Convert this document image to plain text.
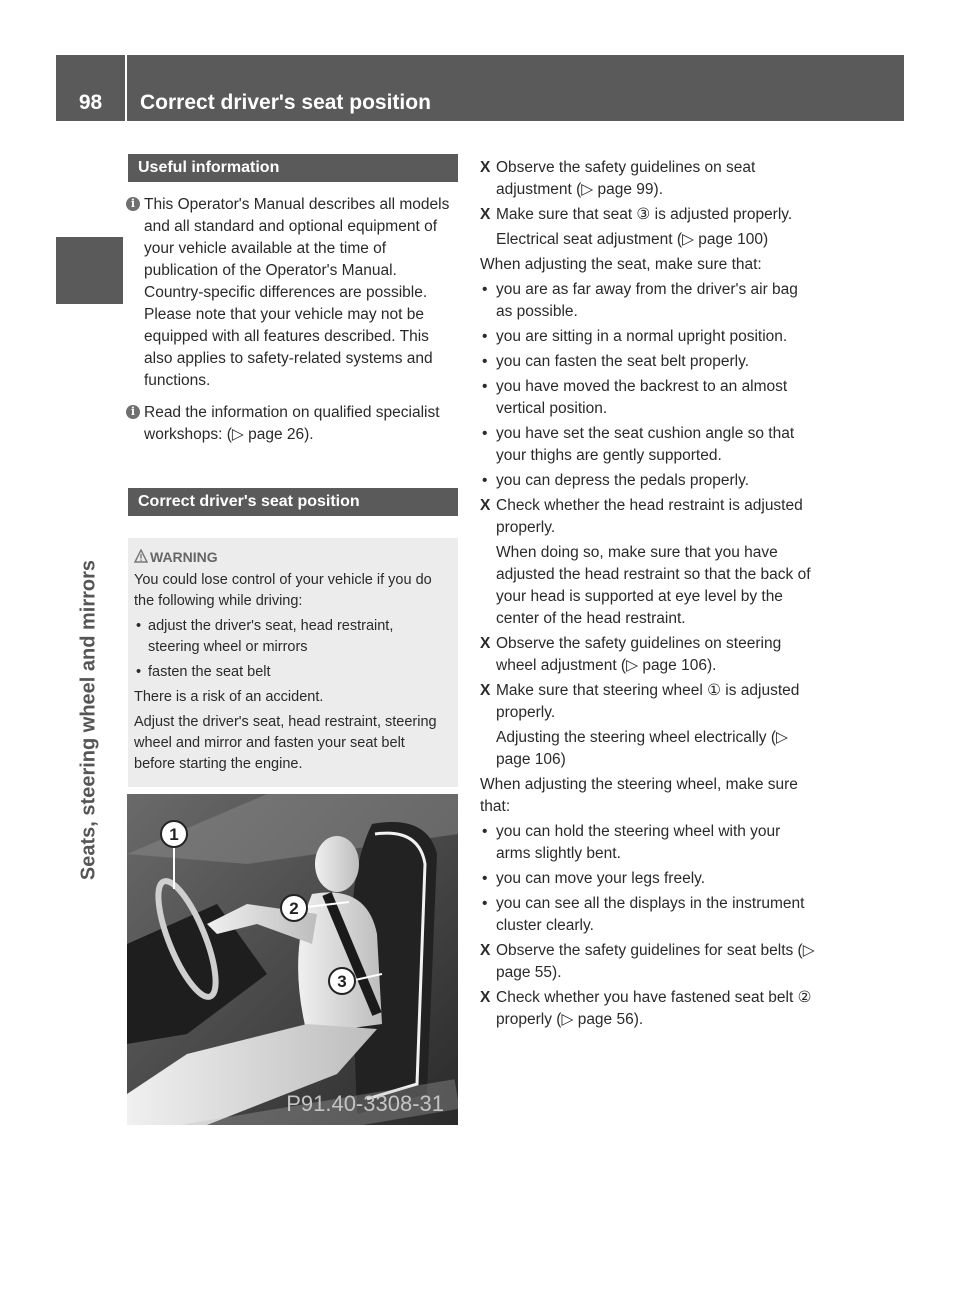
98	Correct driver's seat position
Seats, steering wheel and mirrors
Useful information

i This Operator's Manual describes all models and all standard and optional equipment of your vehicle available at the time of publication of the Operator's Manual. Country-specific differences are possible. Please note that your vehicle may not be equipped with all features described. This also applies to safety-related systems and functions.

i Read the information on qualified specialist workshops: (▷ page 26).

Correct driver's seat position
WARNING

You could lose control of your vehicle if you do the following while driving:

• adjust the driver's seat, head restraint, steering wheel or mirrors

• fasten the seat belt

There is a risk of an accident.

Adjust the driver's seat, head restraint, steering wheel and mirror and fasten your seat belt before starting the engine.

1
2
3
P91.40-3308-31

X Observe the safety guidelines on seat adjustment (▷ page 99).

X Make sure that seat ③ is adjusted properly.

Electrical seat adjustment (▷ page 100)

When adjusting the seat, make sure that:

• you are as far away from the driver's air bag as possible.

• you are sitting in a normal upright position.

• you can fasten the seat belt properly.

• you have moved the backrest to an almost vertical position.

• you have set the seat cushion angle so that your thighs are gently supported.

• you can depress the pedals properly.

X Check whether the head restraint is adjusted properly.

When doing so, make sure that you have adjusted the head restraint so that the back of your head is supported at eye level by the center of the head restraint.

X Observe the safety guidelines on steering wheel adjustment (▷ page 106).

X Make sure that steering wheel ① is adjusted properly.

Adjusting the steering wheel electrically (▷ page 106)

When adjusting the steering wheel, make sure that:

• you can hold the steering wheel with your arms slightly bent.

• you can move your legs freely.

• you can see all the displays in the instrument cluster clearly.

X Observe the safety guidelines for seat belts (▷ page 55).

X Check whether you have fastened seat belt ② properly (▷ page 56).
